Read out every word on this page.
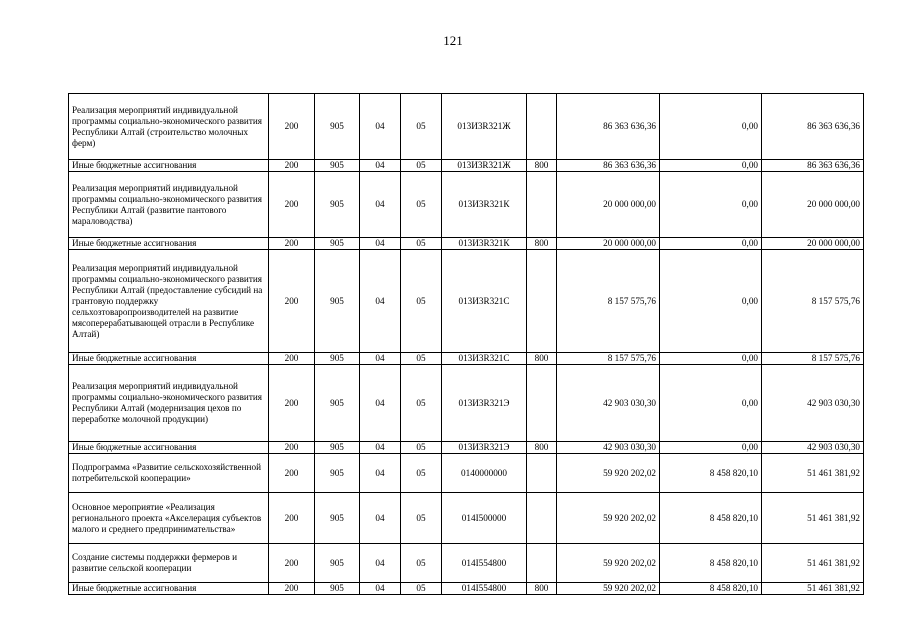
121
Реализация мероприятий индивидуальной программы социально-экономического развития Республики Алтай (строительство молочных ферм)	200	905	04	05	013И3R321Ж		86 363 636,36	0,00	86 363 636,36
Иные бюджетные ассигнования	200	905	04	05	013И3R321Ж	800	86 363 636,36	0,00	86 363 636,36
Реализация мероприятий индивидуальной программы социально-экономического развития Республики Алтай (развитие пантового мараловодства)	200	905	04	05	013И3R321К		20 000 000,00	0,00	20 000 000,00
Иные бюджетные ассигнования	200	905	04	05	013И3R321К	800	20 000 000,00	0,00	20 000 000,00
Реализация мероприятий индивидуальной программы социально-экономического развития Республики Алтай (предоставление субсидий на грантовую поддержку сельхозтоваропроизводителей на развитие мясоперерабатывающей отрасли в Республике Алтай)	200	905	04	05	013И3R321С		8 157 575,76	0,00	8 157 575,76
Иные бюджетные ассигнования	200	905	04	05	013И3R321С	800	8 157 575,76	0,00	8 157 575,76
Реализация мероприятий индивидуальной программы социально-экономического развития Республики Алтай (модернизация цехов по переработке молочной продукции)	200	905	04	05	013И3R321Э		42 903 030,30	0,00	42 903 030,30
Иные бюджетные ассигнования	200	905	04	05	013И3R321Э	800	42 903 030,30	0,00	42 903 030,30
Подпрограмма «Развитие сельскохозяйственной потребительской кооперации»	200	905	04	05	0140000000		59 920 202,02	8 458 820,10	51 461 381,92
Основное мероприятие «Реализация регионального проекта «Акселерация субъектов малого и среднего предпринимательства»	200	905	04	05	014I500000		59 920 202,02	8 458 820,10	51 461 381,92
Создание системы поддержки фермеров и развитие сельской кооперации	200	905	04	05	014I554800		59 920 202,02	8 458 820,10	51 461 381,92
Иные бюджетные ассигнования	200	905	04	05	014I554800	800	59 920 202,02	8 458 820,10	51 461 381,92
